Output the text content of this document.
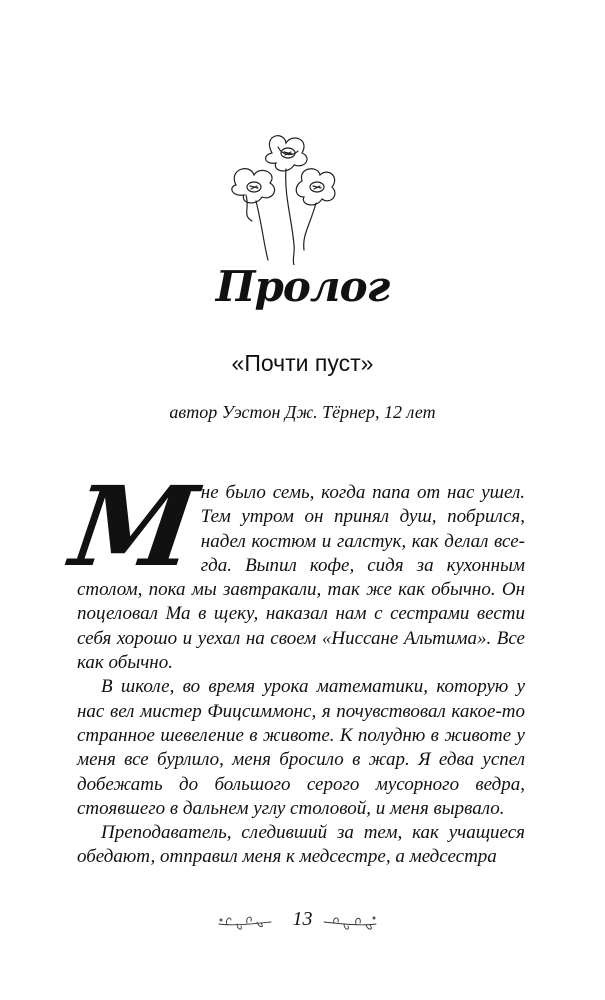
Пролог
«Почти пуст»
автор Уэстон Дж. Тёрнер, 12 лет

М
не было семь, когда папа от нас ушел. Тем утром он принял душ, побрился, надел костюм и галстук, как делал всегда. Выпил кофе, сидя за кухонным столом, пока мы завтракали, так же как обычно. Он поцеловал Ма в щеку, наказал нам с сестрами вести себя хорошо и уехал на своем «Ниссане Альтима». Все как обычно.

В школе, во время урока математики, которую у нас вел мистер Фицсиммонс, я почувствовал какое-то странное шевеление в животе. К полудню в животе у меня все бурлило, меня бросило в жар. Я едва успел добежать до большого серого мусорного ведра, стоявшего в дальнем углу столовой, и меня вырвало.

Преподаватель, следивший за тем, как учащиеся обедают, отправил меня к медсестре, а медсестра

13
